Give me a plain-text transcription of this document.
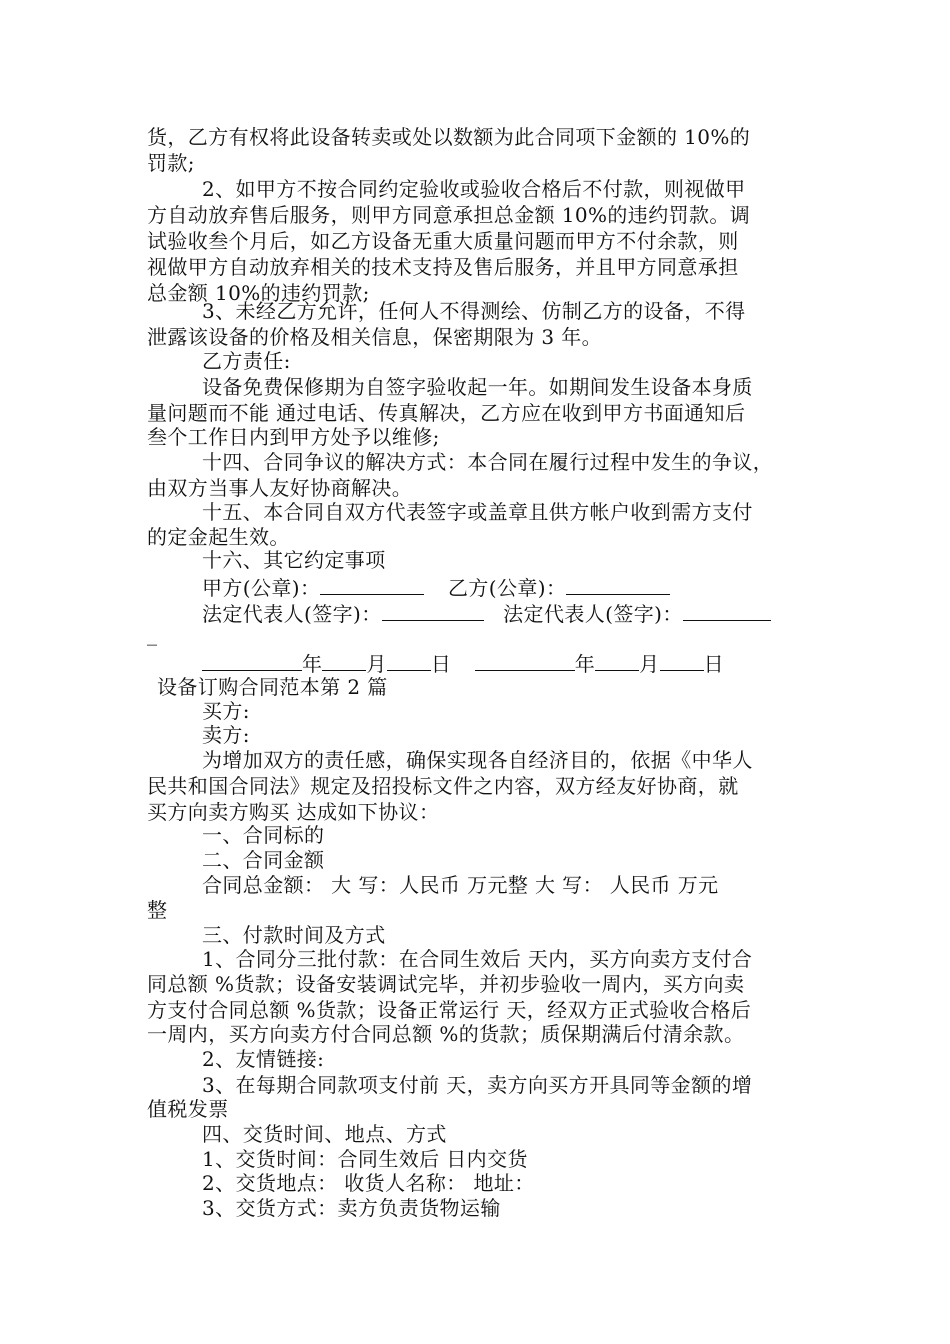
货，乙方有权将此设备转卖或处以数额为此合同项下金额的 10%的
罚款;
2、如甲方不按合同约定验收或验收合格后不付款，则视做甲
方自动放弃售后服务，则甲方同意承担总金额 10%的违约罚款。调
试验收叁个月后，如乙方设备无重大质量问题而甲方不付余款，则
视做甲方自动放弃相关的技术支持及售后服务，并且甲方同意承担
总金额 10%的违约罚款;
3、未经乙方允许，任何人不得测绘、仿制乙方的设备，不得
泄露该设备的价格及相关信息，保密期限为 3 年。
乙方责任:
设备免费保修期为自签字验收起一年。如期间发生设备本身质
量问题而不能 通过电话、传真解决，乙方应在收到甲方书面通知后
叁个工作日内到甲方处予以维修;
十四、合同争议的解决方式：本合同在履行过程中发生的争议，
由双方当事人友好协商解决。
十五、本合同自双方代表签字或盖章且供方帐户收到需方支付
的定金起生效。
十六、其它约定事项
甲方(公章)：	乙方(公章)：
法定代表人(签字)：	法定代表人(签字)：
_
年 月 日	年 月 日
设备订购合同范本第 2 篇
买方:
卖方:
为增加双方的责任感，确保实现各自经济目的，依据《中华人
民共和国合同法》规定及招投标文件之内容，双方经友好协商，就
买方向卖方购买 达成如下协议：
一、合同标的
二、合同金额
合同总金额： 大 写：人民币 万元整 大 写： 人民币 万元
整
三、付款时间及方式
1、合同分三批付款：在合同生效后 天内，买方向卖方支付合
同总额 %货款；设备安装调试完毕，并初步验收一周内，买方向卖
方支付合同总额 %货款；设备正常运行 天，经双方正式验收合格后
一周内，买方向卖方付合同总额 %的货款；质保期满后付清余款。
2、友情链接:
3、在每期合同款项支付前 天，卖方向买方开具同等金额的增
值税发票
四、交货时间、地点、方式
1、交货时间：合同生效后 日内交货
2、交货地点： 收货人名称： 地址：
3、交货方式：卖方负责货物运输
